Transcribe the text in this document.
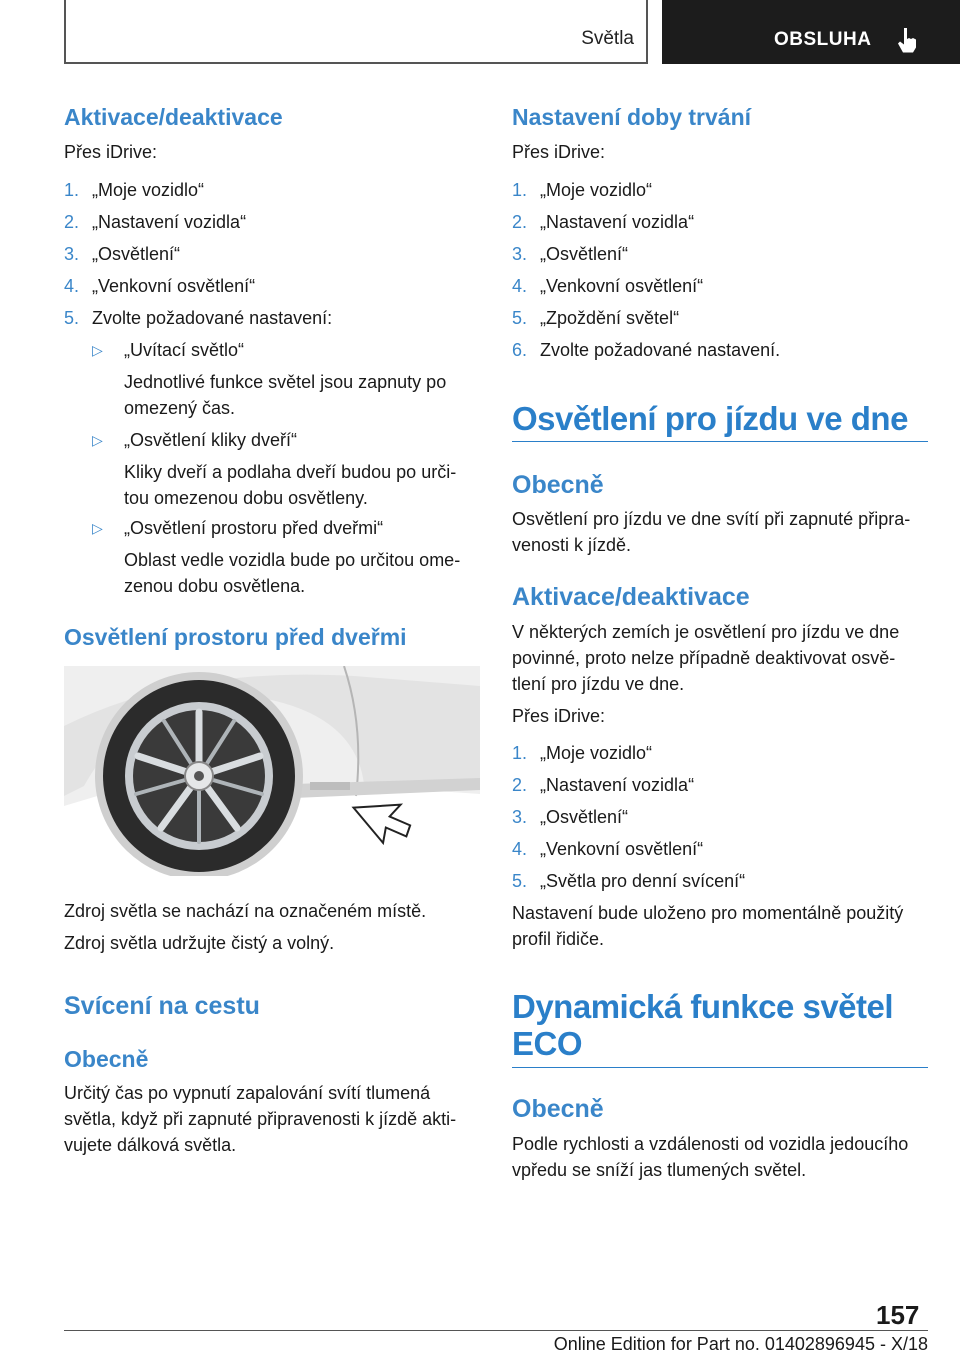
Světla	OBSLUHA
Aktivace/deaktivace
Přes iDrive:
1. „Moje vozidlo“
2. „Nastavení vozidla“
3. „Osvětlení“
4. „Venkovní osvětlení“
5. Zvolte požadované nastavení:
▷ „Uvítací světlo“
Jednotlivé funkce světel jsou zapnuty po
omezený čas.
▷ „Osvětlení kliky dveří“
Kliky dveří a podlaha dveří budou po urči-
tou omezenou dobu osvětleny.
▷ „Osvětlení prostoru před dveřmi“
Oblast vedle vozidla bude po určitou ome-
zenou dobu osvětlena.
Osvětlení prostoru před dveřmi
Zdroj světla se nachází na označeném místě.
Zdroj světla udržujte čistý a volný.
Svícení na cestu
Obecně
Určitý čas po vypnutí zapalování svítí tlumená
světla, když při zapnuté připravenosti k jízdě akti-
vujete dálková světla.
Nastavení doby trvání
Přes iDrive:
1. „Moje vozidlo“
2. „Nastavení vozidla“
3. „Osvětlení“
4. „Venkovní osvětlení“
5. „Zpoždění světel“
6. Zvolte požadované nastavení.
Osvětlení pro jízdu ve dne
Obecně
Osvětlení pro jízdu ve dne svítí při zapnuté připra-
venosti k jízdě.
Aktivace/deaktivace
V některých zemích je osvětlení pro jízdu ve dne
povinné, proto nelze případně deaktivovat osvě-
tlení pro jízdu ve dne.
Přes iDrive:
1. „Moje vozidlo“
2. „Nastavení vozidla“
3. „Osvětlení“
4. „Venkovní osvětlení“
5. „Světla pro denní svícení“
Nastavení bude uloženo pro momentálně použitý
profil řidiče.
Dynamická funkce světel
ECO
Obecně
Podle rychlosti a vzdálenosti od vozidla jedoucího
vpředu se sníží jas tlumených světel.
157
Online Edition for Part no. 01402896945 - X/18
